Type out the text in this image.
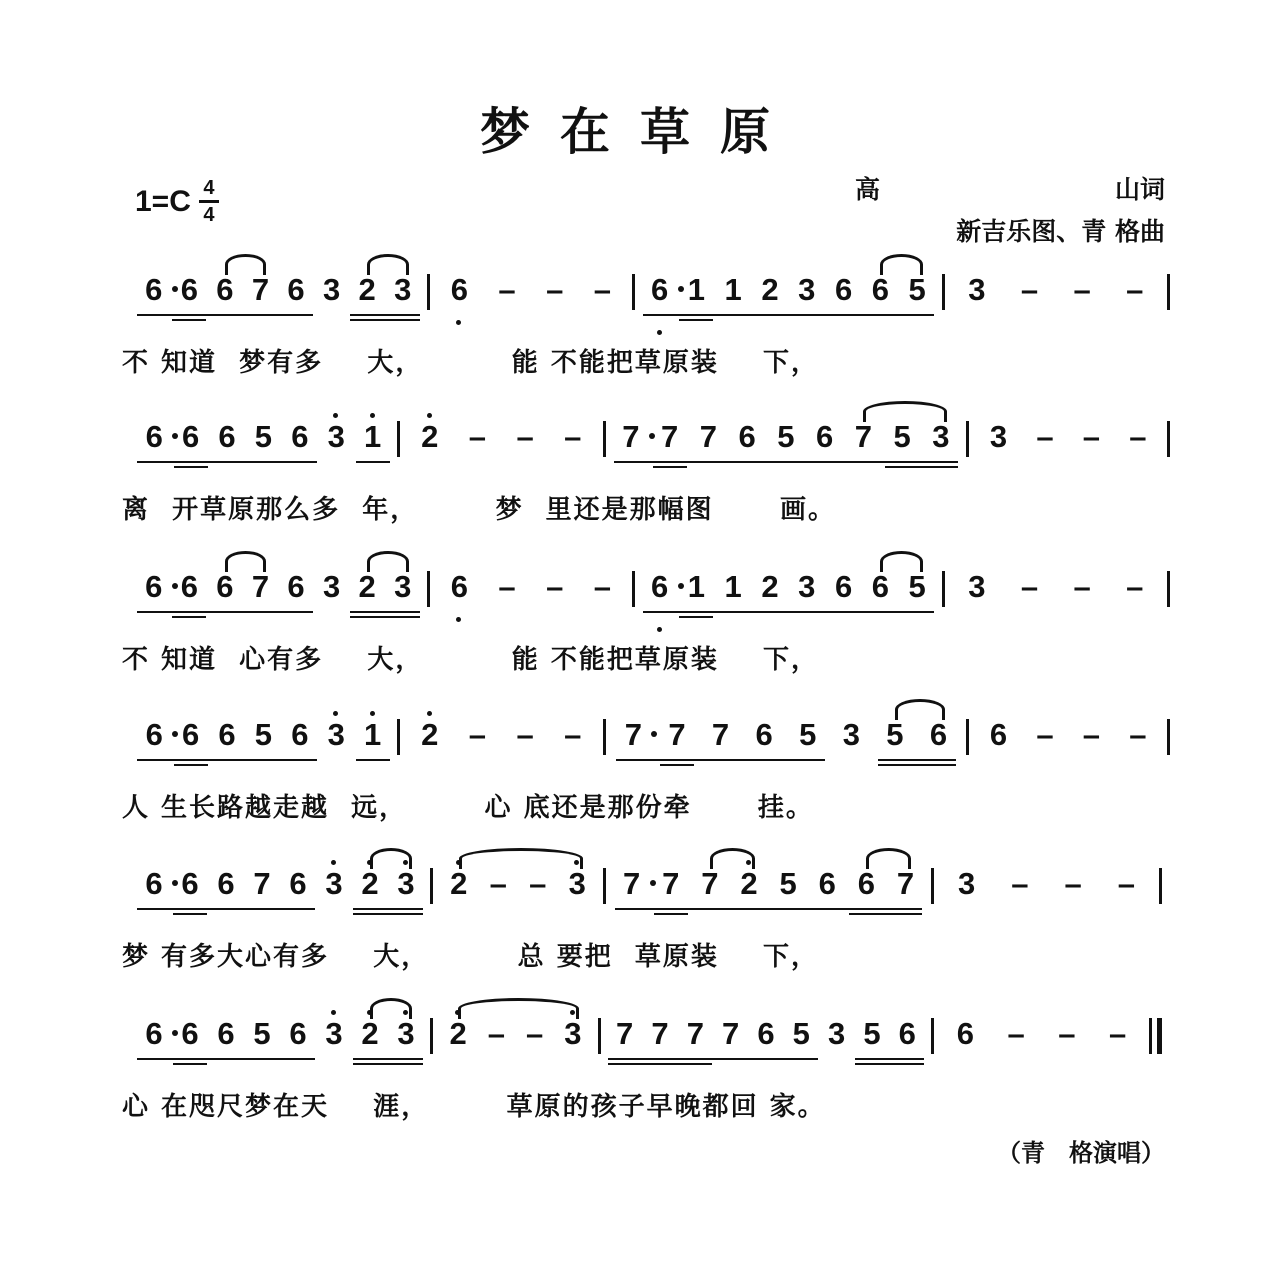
梦在草原
$1=C \frac{4}{4}$	高	山词
新吉乐图、青 格曲
6 6 6 7 6 3 2 3 6 – – – 6 1 1 2 3 6 6 5 3 – – –
不 知道  梦有多    大，        能 不能把草原装    下，
6 6 6 5 6 3 1 2 – – – 7 7 7 6 5 6 7 5 3 3 – – –
离  开草原那么多  年，       梦  里还是那幅图      画。
6 6 6 7 6 3 2 3 6 – – – 6 1 1 2 3 6 6 5 3 – – –
不 知道  心有多    大，        能 不能把草原装    下，
6 6 6 5 6 3 1 2 – – – 7 7 7 6 5 3 5 6 6 – – –
人 生长路越走越  远，       心 底还是那份牵      挂。
6 6 6 7 6 3 2 3 2 – – 3 7 7 7 2 5 6 6 7 3 – – –
梦 有多大心有多    大，        总 要把  草原装    下，
6 6 6 5 6 3 2 3 2 – – 3 7 7 7 7 6 5 3 5 6 6 – – –
心 在咫尺梦在天    涯，       草原的孩子早晚都回 家。
（青　格演唱）
